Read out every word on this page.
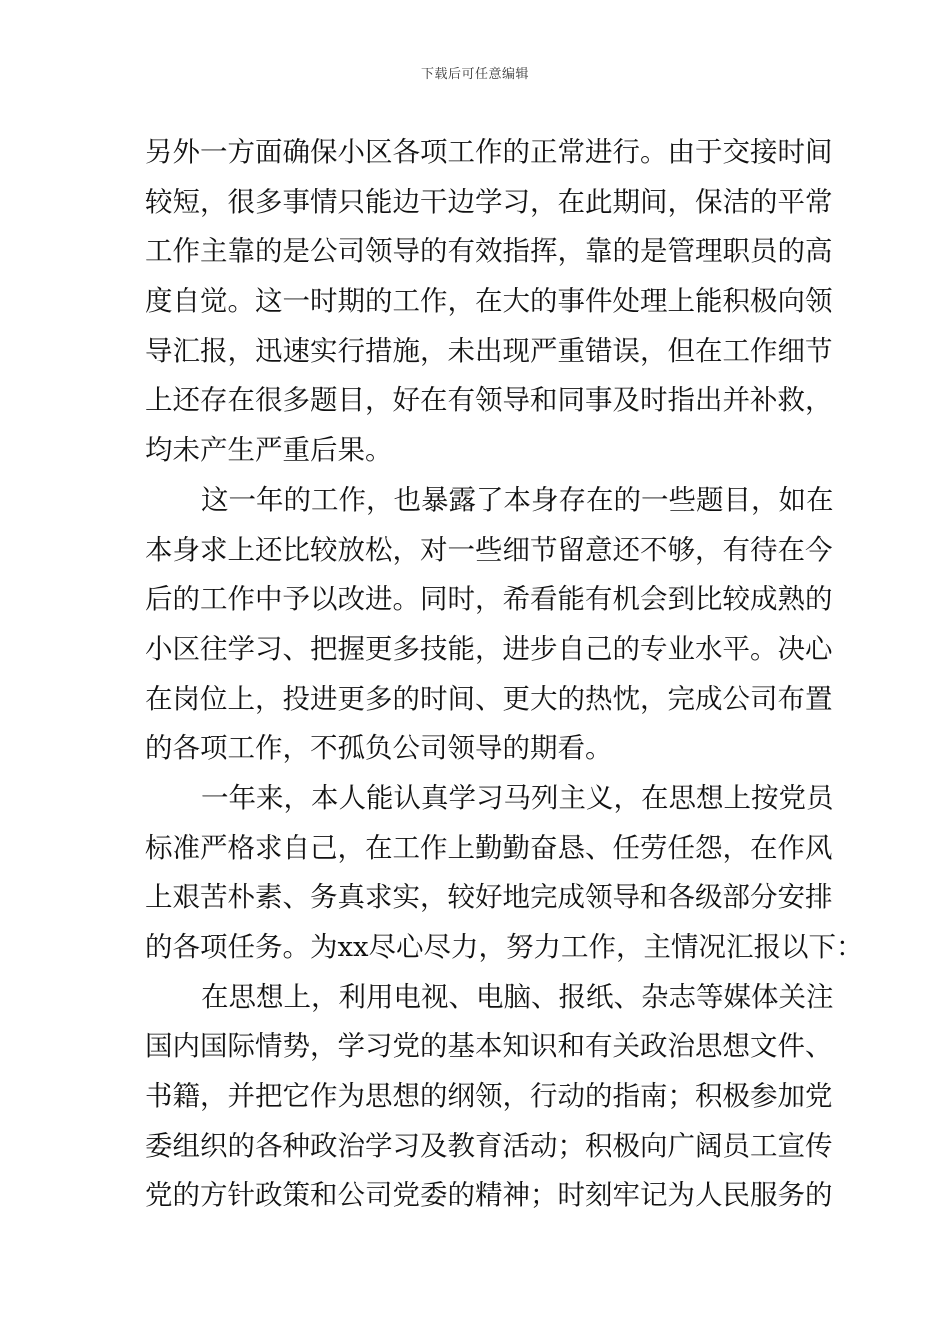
下载后可任意编辑
另外一方面确保小区各项工作的正常进行。由于交接时间
较短，很多事情只能边干边学习，在此期间，保洁的平常
工作主靠的是公司领导的有效指挥，靠的是管理职员的高
度自觉。这一时期的工作，在大的事件处理上能积极向领
导汇报，迅速实行措施，未出现严重错误，但在工作细节
上还存在很多题目，好在有领导和同事及时指出并补救，
均未产生严重后果。
这一年的工作，也暴露了本身存在的一些题目，如在
本身求上还比较放松，对一些细节留意还不够，有待在今
后的工作中予以改进。同时，希看能有机会到比较成熟的
小区往学习、把握更多技能，进步自己的专业水平。决心
在岗位上，投进更多的时间、更大的热忱，完成公司布置
的各项工作，不孤负公司领导的期看。
一年来，本人能认真学习马列主义，在思想上按党员
标准严格求自己，在工作上勤勤奋恳、任劳任怨，在作风
上艰苦朴素、务真求实，较好地完成领导和各级部分安排
的各项任务。为xx尽心尽力，努力工作，主情况汇报以下：
在思想上，利用电视、电脑、报纸、杂志等媒体关注
国内国际情势，学习党的基本知识和有关政治思想文件、
书籍，并把它作为思想的纲领，行动的指南；积极参加党
委组织的各种政治学习及教育活动；积极向广阔员工宣传
党的方针政策和公司党委的精神；时刻牢记为人民服务的
